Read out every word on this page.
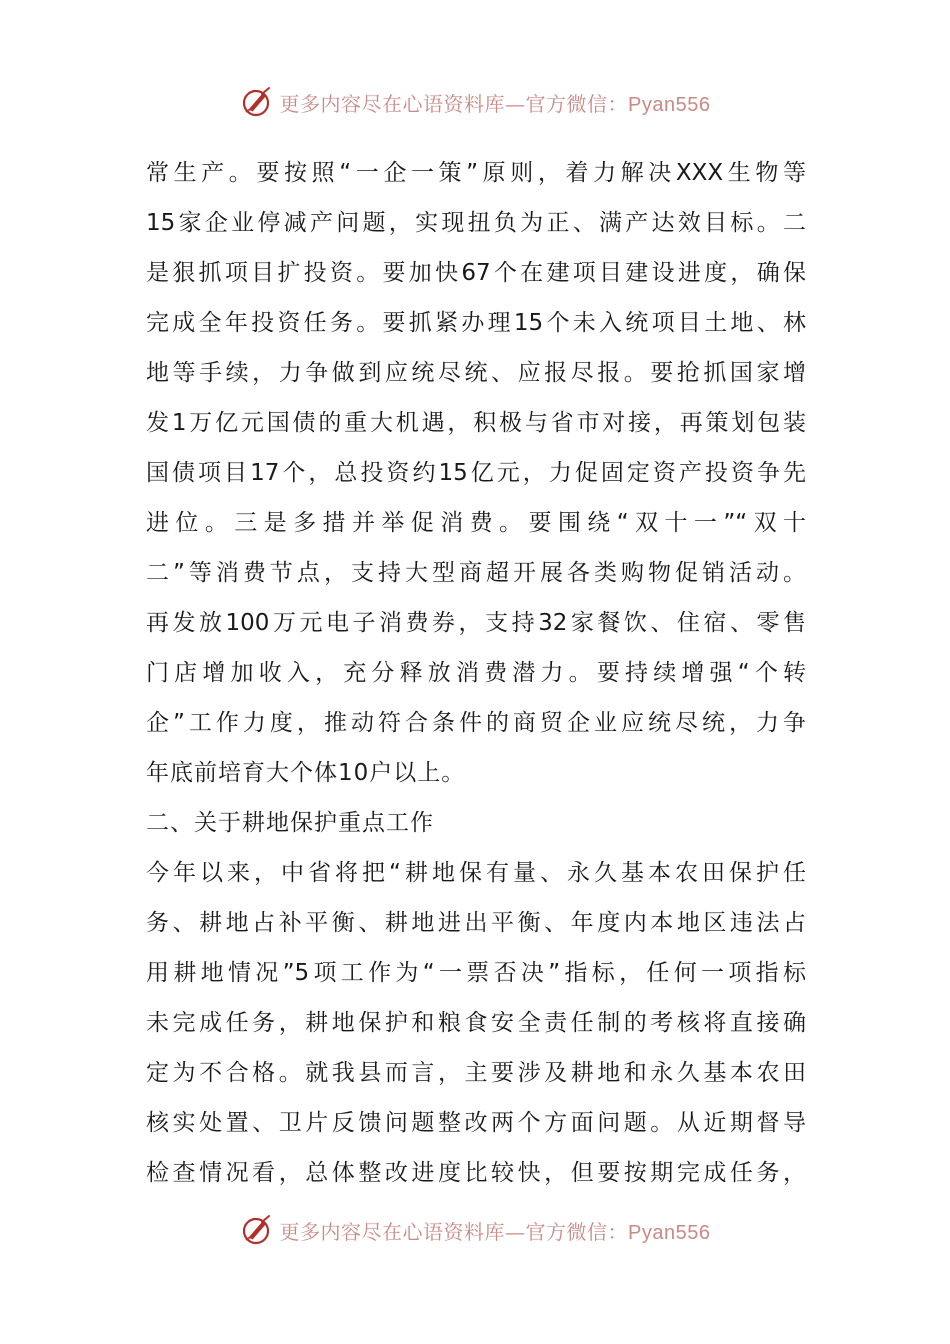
更多内容尽在心语资料库—官方微信：Pyan556
常生产。要按照“一企一策”原则，着力解决XXX生物等
15家企业停减产问题，实现扭负为正、满产达效目标。二
是狠抓项目扩投资。要加快67个在建项目建设进度，确保
完成全年投资任务。要抓紧办理15个未入统项目土地、林
地等手续，力争做到应统尽统、应报尽报。要抢抓国家增
发1万亿元国债的重大机遇，积极与省市对接，再策划包装
国债项目17个，总投资约15亿元，力促固定资产投资争先
进位。三是多措并举促消费。要围绕“双十一”“双十
二”等消费节点，支持大型商超开展各类购物促销活动。
再发放100万元电子消费券，支持32家餐饮、住宿、零售
门店增加收入，充分释放消费潜力。要持续增强“个转
企”工作力度，推动符合条件的商贸企业应统尽统，力争
年底前培育大个体10户以上。
二、关于耕地保护重点工作
今年以来，中省将把“耕地保有量、永久基本农田保护任
务、耕地占补平衡、耕地进出平衡、年度内本地区违法占
用耕地情况”5项工作为“一票否决”指标，任何一项指标
未完成任务，耕地保护和粮食安全责任制的考核将直接确
定为不合格。就我县而言，主要涉及耕地和永久基本农田
核实处置、卫片反馈问题整改两个方面问题。从近期督导
检查情况看，总体整改进度比较快，但要按期完成任务，
更多内容尽在心语资料库—官方微信：Pyan556
